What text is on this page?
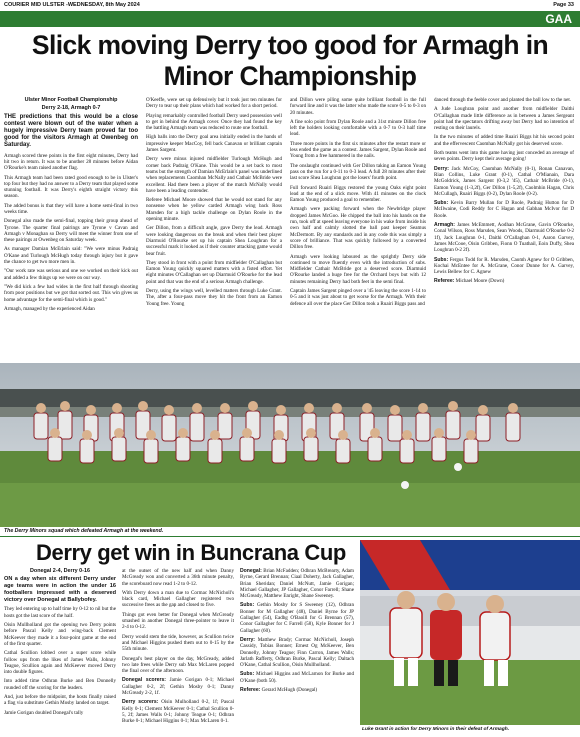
COURIER MID ULSTER -WEDNESDAY, 8th May 2024	Page 33
GAA
Slick moving Derry too good for Armagh in Minor Championship
Ulster Minor Football Championship
Derry 2-18, Armagh 0-7

THE predictions that this would be a close contest were blown out of the water when a hugely impressive Derry team proved far too good for the visitors Armagh at Owenbeg on Saturday.

Armagh scored three points in the first eight minutes, Derry had hit two in return. It was to be another 28 minutes before Aidan O'Rourke's team raised another flag.

This Armagh team had been rated good enough to be in Ulster's top four but they had no answer to a Derry team that played some stunning football. It was Derry's eighth straight victory this season.

The added bonus is that they will have a home semi-final in two weeks time.

Donegal also made the semi-final, topping their group ahead of Tyrone. The quarter final pairings are Tyrone v Cavan and Armagh v Monaghan so Derry will meet the winner from one of these pairings at Owenbeg on Saturday week.

As manager Damian McErlain said: "We were minus Padraig O'Kane and Turlough McHugh today through injury but it gave the chance to get two more men in.

"Our work rate was serious and one we worked on their kick out and added a few things up we were on our way.

"We did kick a few bad wides in the first half through shooting from poor positions but we got that sorted out. This win gives us home advantage for the semi-final which is good."

Armagh, managed by the experienced Aidan

O'Keeffe, were set up defensively but it took just ten minutes for Derry to tear up their plans which had worked for a short period.

Playing remarkably controlled football Derry used possession well to get in behind the Armagh cover. Once they had found the key the battling Armagh team was reduced to route one football.

High balls into the Derry goal area initially ended in the hands of impressive keeper MacCoy, fell back Canavan or brilliant captain James Sargent.

Derry were minus injured midfielder Turlough McHugh and corner back Padraig O'Kane. This would be a set back to most teams but the strength of Damian McErlain's panel was underlined when replacements Caomhan McNally and Cathair McBride were excellent. Had there been a player of the match McNally would have been a leading contender.

Referee Michael Moore showed that he would not stand for any nonsense when he yellow carded Armagh wing back Ross Marsden for a high tackle challenge on Dylan Roole in the opening minute.

Ger Dillon, from a difficult angle, gave Derry the lead. Armagh were looking dangerous on the break and when their best player Diarmuid O'Rourke set up his captain Shea Loughran for a successful mark it looked as if their counter attacking game would bear fruit.

They stood in front with a point from midfielder O'Callaghan but Eamon Young quickly squared matters with a fisted effort. Yet eight minutes O'Callaghan set up Diarmuid O'Rourke for the lead point and that was the end of a serious Armagh challenge.

Derry, using the wings well, levelled matters through Luke Grant. The, after a four-pass move they hit the front from an Eamon Young free. Young

and Dillon were piling some quite brilliant football in the full forward line and it was the latter who made the score 0-5 to 0-3 on 20 minutes.

A fine solo point from Dylan Roole and a 31st minute Dillon free left the holders looking comfortable with a 0-7 to 0-3 half time lead.

Three more points in the first six minutes after the restart more or less ended the game as a contest. James Sargent, Dylan Roole and Young from a free hammered in the nails.

The onslaught continued with Ger Dillon taking an Eamon Young pass on the run for a 0-11 to 0-3 lead. A full 28 minutes after their last score Shea Loughran got the losers' fourth point.

Full forward Ruairi Biggs restored the young Oaks eight point lead at the end of a slick move. With 41 minutes on the clock Eamon Young produced a goal to remember.

Armagh were packing forward when the Newbridge player dropped James McGoo. He chipped the ball into his hands on the run, took off at speed leaving everyone in his wake from inside his own half and calmly slotted the ball past keeper Seamus McDermott. By any standards and in any code this was simply a score of brilliance. That was quickly followed by a converted Dillon free.

Armagh were looking laboured as the sprightly Derry side continued to move fluently even with the introduction of subs. Midfielder Cathair McBride got a deserved score. Diarmuid O'Rourke landed a huge free for the Orchard boys but with 12 minutes remaining Derry had both feet in the semi final.

Captain James Sargent pinged over a '45 leaving the score 1-14 to 0-5 and it was just about to get worse for the Armagh. With their defence all over the place Ger Dillon took a Ruairi Biggs pass and

danced through the feeble cover and planted the ball low to the net.

A Jude Loughran point and another from midfielder Daithi O'Callaghan made little difference as in between a James Sergeant point had the spectators drifting away but Derry had no intention of resting on their laurels.

In the two minutes of added time Ruairi Biggs hit his second point and the effervescent Caomhan McNally got his deserved score.

Both teams went into this game having just conceded an average of seven points. Derry kept their average going!

Derry: Jack McCoy, Caomhan McNally (0-1), Ronan Canavan, Rian Collins, Luke Grant (0-1), Cathal O'Mianain, Dara McGoldrick, James Sargent (0-3,2 '45), Cathair McBride (0-1), Eamon Young (1-3,2f), Ger Dillon (1-5,2f), Caolmhin Hagan, Chris McCullagh, Ruairi Biggs (0-2), Dylan Roole (0-2).

Subs: Kevin Barry Mullan for D Roole, Padraig Hutton for D McIlwaine, Codi Reddy for C Hagan and Gabhan McIvor for D Roole.

Armagh: James McEmmett, Aodhan McGrane, Gavin O'Rourke, Conal Wilson, Ross Marsden, Sean Woods, Diarmuid O'Rourke 0-2 1f), Jack Loughran 0-1, Daithi O'Callaghan 0-1, Aaron Garvey, James McCooe, Oisin Gribben, Fionn O Tuathail, Eoin Duffy, Shea Loughran 0-2 2f).

Subs: Fergus Todd for R. Marsden, Caomh Agnew for O Gribben, Kochai McEntee for A. McGrane, Conor Dunne for A. Garvey, Lewis Bellew for C. Agnew

Referee: Michael Moore (Down)

The Derry Minors squad which defeated Armagh at the weekend.
Derry get win in Buncrana Cup
Donegal 2-4, Derry 0-16

ON a day when six different Derry under age teams were in action the under 16 footballers impressed with a deserved victory over Donegal at Ballybofey.

They led entering up to half time by 0-12 to nil but the hosts got the last score of the half.

Oisin Mullholland got the opening two Derry points before Pascal Kelly and wing-back Clement McKeever they made it a four-point game at the end of the first quarter.

Cathal Scullion lobbed over a super score while follow ups from the likes of James Walls, Johnny Teague, Scullion again and McKeever moved Derry into double figures.

Into added time Odhran Burke and Ben Donnelly rounded off the scoring for the leaders.

And, just before the midpoint, the hosts finally raised a flag via substitute Gethin Mosby landed on target.

Jamie Gorigan doubled Donegal's tally

at the outset of the new half and when Danny McGready won and converted a 36th minute penalty, the scoreboard now read 1-2 to 0-12.

With Derry down a man due to Cormac McNicholl's black card, Michael Gallagher registered two successive frees as the gap and closed to five.

Things got even better for Donegal when McGready smashed in another Donegal three-pointer to leave it 2-4 to 0-12.

Derry would stem the tide, however, as Scullion twice and Michael Higgins pushed them out to 0-15 by the 55th minute.

Donegal's best player on the day, McGready, added two late frees while Derry sub Max McLaren popped the final over of the afternoon.

Donegal scorers: Jamie Gorigan 0-1; Michael Gallagher 0-2, 2f; Gethin Mosby 0-1; Danny McGready 2-2, 1f.

Derry scorers: Oisin Mulholland 0-2, 1f; Pascal Kelly 0-1; Clement McKeever 0-1; Cathal Scullion 0-5, 2f; James Walls 0-1; Johnny Teague 0-1; Odhran Burke 0-1; Michael Higgins 0-1; Max McLaren 0-1.

Donegal: Brian McFadden; Odhran McBrearty, Adam Byrne, Gerard Brennan; Ciaal Doherty, Jack Gallagher, Brian Sheridan; Daniel McNutt, Jamie Gorigan; Michael Gallagher, JP Gallagher, Conor Farrell; Shane McGready, Matthew Enright, Shane Sweeney.

Subs: Gethin Mosby for S Sweeney (12), Odhran Bonner for M Gallagher (48), Daniel Byrne for JP Gallagher (54), Eadbg O'Baoill for G Brennan (57), Conor Gallagher for C Farrell (58), Kyle Bonner for J Gallagher (60).

Derry: Matthew Brady; Cormac McNicholl, Joseph Cassidy, Tobias Bonner; Ernest Og McKeever, Ben Donnelly, Johnny Teague; Finn Carron, James Walls; Jarlath Rafferty, Odhran Burke, Pascal Kelly; Daltach O'Kane, Cathal Scullion, Oisin Mullholland.

Subs: Michael Higgins and McLarnon for Burke and O'Kane (both 50).

Referee: Gerard McHugh (Donegal)

Luke Grant in action for Derry Minors in their defeat of Armagh.
